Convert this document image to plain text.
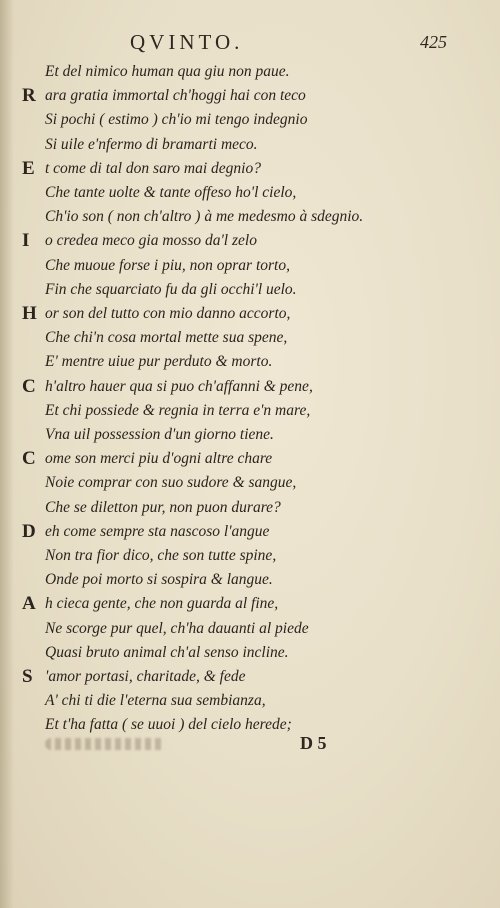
QVINTO.	425
Et del nimico human qua giu non paue.
R ara gratia immortal ch'hoggi hai con teco
Si pochi ( estimo ) ch'io mi tengo indegnio
Si uile e'nfermo di bramarti meco.
E t come di tal don saro mai degnio?
Che tante uolte & tante offeso ho'l cielo,
Ch'io son ( non ch'altro ) à me medesmo à sdegnio.
I o credea meco gia mosso da'l zelo
Che muoue forse i piu, non oprar torto,
Fin che squarciato fu da gli occhi'l uelo.
H or son del tutto con mio danno accorto,
Che chi'n cosa mortal mette sua spene,
E' mentre uiue pur perduto & morto.
C h'altro hauer qua si puo ch'affanni & pene,
Et chi possiede & regnia in terra e'n mare,
Vna uil possession d'un giorno tiene.
C ome son merci piu d'ogni altre chare
Noie comprar con suo sudore & sangue,
Che se diletton pur, non puon durare?
D eh come sempre sta nascoso l'angue
Non tra fior dico, che son tutte spine,
Onde poi morto si sospira & langue.
A h cieca gente, che non guarda al fine,
Ne scorge pur quel, ch'ha dauanti al piede
Quasi bruto animal ch'al senso incline.
S 'amor portasi, charitade, & fede
A' chi ti die l'eterna sua sembianza,
Et t'ha fatta ( se uuoi ) del cielo herede;
D 5
